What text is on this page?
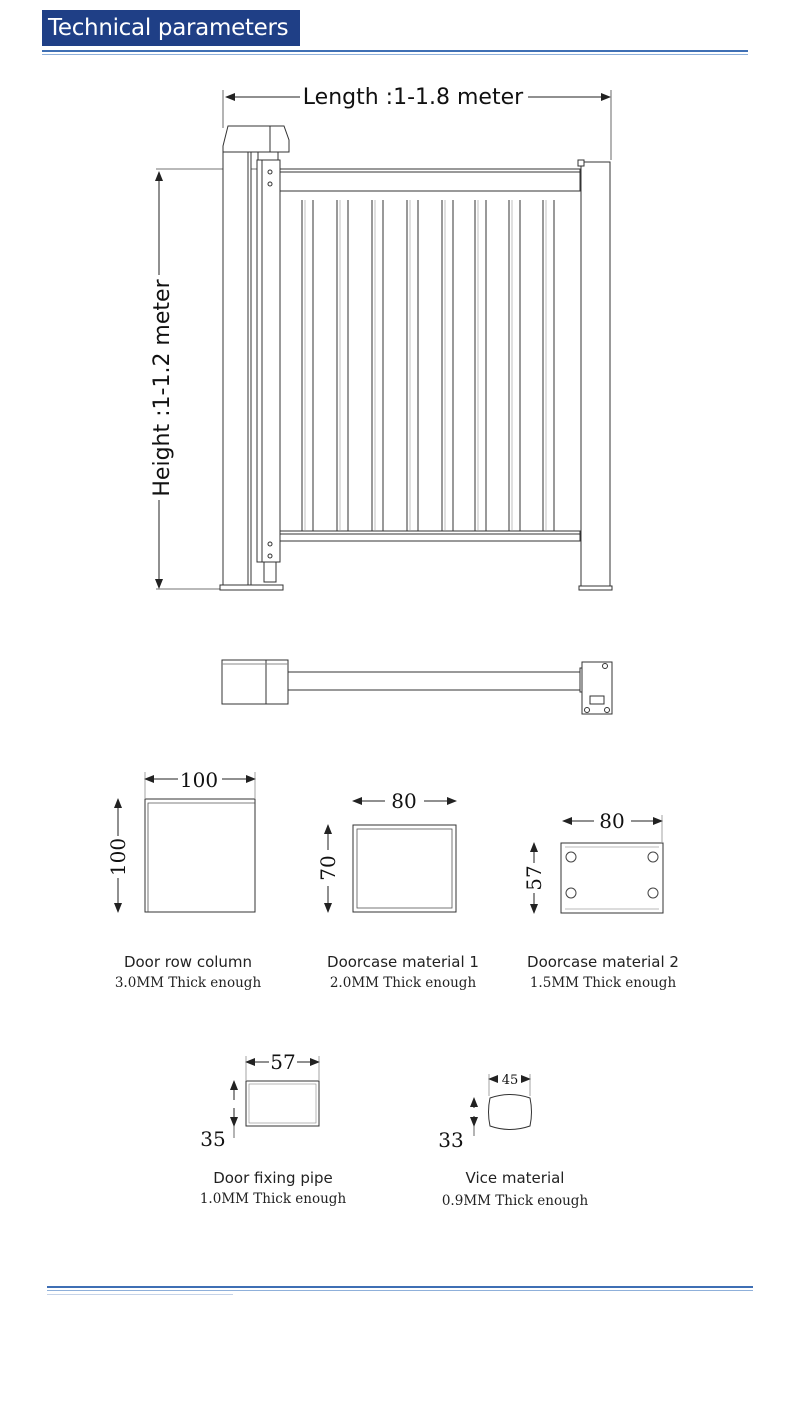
Technical parameters
Length :1-1.8 meter
Height :1-1.2 meter
100
100
80
70
80
57
57
35
45
33
Door row column
3.0MM Thick enough
Doorcase material 1
2.0MM Thick enough
Doorcase material 2
1.5MM Thick enough
Door fixing pipe
1.0MM Thick enough
Vice material
0.9MM Thick enough
